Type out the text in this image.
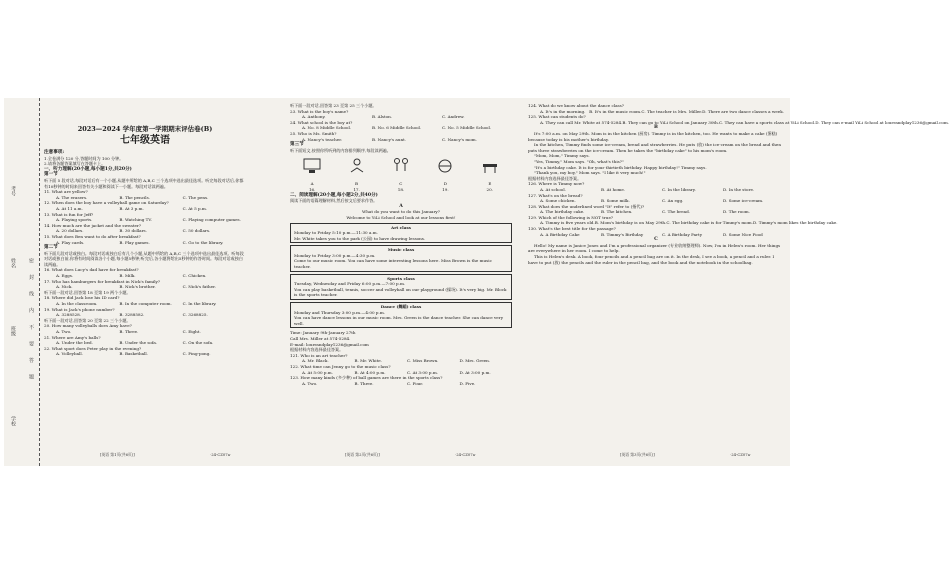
考号
姓名
班级
学校
密 封 线 内 不 要 答 题
2023—2024 学年度第一学期期末评估卷(B)
七年级英语
注意事项:
1.全卷满分 120 分,答题时间为 100 分钟。
2.请将各题答案填写在答题卡上。
一、听力理解(20小题,每小题1分,共20分)
第一节
听下面 5 段对话,每段对话后有一个小题,从题中所给的 A,B,C 三个选项中选出最佳选项。听完每段对话后,你都有10秒钟的时间来回答有关小题和阅读下一小题。每段对话读两遍。
11. What are yellow?
A. The erasers.	B. The pencils.	C. The pens.
12. When does the boy have a volleyball game on Saturday?
A. At 11 a.m.	B. At 3 p.m.	C. At 5 p.m.
13. What is fun for Jeff?
A. Playing sports.	B. Watching TV.	C. Playing computer games.
14. How much are the jacket and the sweater?
A. 20 dollars.	B. 30 dollars.	C. 50 dollars.
15. What does Ben want to do after breakfast?
A. Play cards.	B. Play games.	C. Go to the library.
第二节
听下面几段对话或独白。每段对话或独白后有几个小题,从题中所给的 A,B,C 三个选项中选出最佳选项。听每段对话或独白前,你将有时间阅读各个小题,每小题5秒钟;听完后,各小题将给出5秒钟的作答时间。每段对话或独白读两遍。
16. What does Lucy's dad have for breakfast?
A. Eggs.	B. Milk.	C. Chicken.
17. Who has hamburgers for breakfast in Nick's family?
A. Nick.	B. Nick's brother.	C. Nick's father.
听下面一段对话,回答第 18 至第 19 两个小题。
18. Where did Jack lose his ID card?
A. In the classroom.	B. In the computer room.	C. In the library.
19. What is Jack's phone number?
A. 3288528.	B. 3288582.	C. 3268825.
听下面一段对话,回答第 20 至第 22 三个小题。
20. How many volleyballs does Amy have?
A. Two.	B. Three.	C. Eight.
21. Where are Amy's balls?
A. Under the bed.	B. Under the sofa.	C. On the sofa.
22. What sport does Peter play in the evening?
A. Volleyball.	B. Basketball.	C. Ping-pong.
[英语 第1页(共6页)]	·24-CZ07a·
听下面一段对话,回答第 23 至第 25 三个小题。
23. What is the boy's name?
A. Anthony.	B. Alston.	C. Andrew.
24. What school is the boy at?
A. No. 8 Middle School.	B. No. 6 Middle School.	C. No. 5 Middle School.
25. Who is Ms. Smith?
A. Nancy's teacher.	B. Nancy's aunt.	C. Nancy's mom.
第三节
听下面短文,按照你所听到的内容排列顺序,每段读两遍。
A	B	C	D	E
16.	17.	18.	19.	20.
二、阅读理解(20小题,每小题2分,共40分)
阅读下面的语篇理解材料,然后按文后要求作答。
A
What do you want to do this January?
Welcome to YiLi School and look at our lessons first!
Art class
Monday to Friday 5:10 p.m.—11:30 a.m.
Mr. White takes you to the park (公园) to have drawing lessons.
Music class
Monday to Friday 3:00 p.m.—4:30 p.m.
Come to our music room. You can have some interesting lessons here. Miss Brown is the music teacher.
Sports class
Tuesday, Wednesday and Friday 6:00 p.m.—7:00 p.m.
You can play basketball, tennis, soccer and volleyball on our playground (操场). It's very big. Mr. Block is the sports teacher.
Dance (舞蹈) class
Monday and Thursday 3:00 p.m.—4:00 p.m.
You can have dance lessons in our music room. Mrs. Green is the dance teacher. She can dance very well.
Time: January 9th-January 27th
Call Mrs. Miller at 574-5284.
E-mail: lourrandplay1236@gmail.com
根据材料内容选择最佳答案。
121. Who is an art teacher?
A. Mr. Black.	B. Mr. White.	C. Miss Brown.	D. Mrs. Green.
122. What time can Jenny go to the music class?
A. At 5:00 p.m.	B. At 4:00 p.m.	C. At 3:00 p.m.	D. At 3:00 p.m.
123. How many kinds (多少种) of ball games are there in the sports class?
A. Two.	B. Three.	C. Four.	D. Five.
[英语 第2页(共6页)]	·24-CZ07a·
124. What do we know about the dance class?
A. It's in the morning. B. It's in the music room. C. The teacher is Mrs. Miller. D. There are two dance classes a week.
125. What can students do?
A. They can call Mr. White at 574-5284. B. They can go to YiLi School on January 30th. C. They can have a sports class at YiLi School. D. They can e-mail YiLi School at lourrandplay1236@gmail.com.
B
It's 7:00 a.m. on May 29th. Mom is in the kitchen (厨房). Timmy is in the kitchen, too. He wants to make a cake (蛋糕) because today is his mother's birthday.
In the kitchen, Timmy finds some ice-cream, bread and strawberries. He puts (放) the ice-cream on the bread and then puts three strawberries on the ice-cream. Then he takes the "birthday cake" to his mom's room.
"Mom, Mom," Timmy says.
"Yes, Timmy," Mom says. "Oh, what's this?"
"It's a birthday cake. It is for your thirtieth birthday. Happy birthday!" Timmy says.
"Thank you, my boy," Mom says. "I like it very much!"
根据材料内容选择最佳答案。
126. Where is Timmy now?
A. At school.	B. At home.	C. In the library.	D. In the store.
127. What's on the bread?
A. Some chicken.	B. Some milk.	C. An egg.	D. Some ice-cream.
128. What does the underlined word "It" refer to (指代)?
A. The birthday cake.	B. The kitchen.	C. The bread.	D. The room.
129. Which of the following is NOT true?
A. Timmy is five years old. B. Mom's birthday is on May 29th. C. The birthday cake is for Timmy's mom. D. Timmy's mom likes the birthday cake.
130. What's the best title for the passage?
A. A Birthday Cake	B. Timmy's Birthday	C. A Birthday Party	D. Some Nice Food
C
Hello! My name is Janice Jones and I'm a professional organizer (专业收纳整理师). Now, I'm in Helen's room. Her things are everywhere in her room. I come to help.
This is Helen's desk. A book, four pencils and a pencil bag are on it. In the desk, I see a book, a pencil and a ruler. I have to put (放) the pencils and the ruler in the pencil bag, and the book and the notebook in the schoolbag.
[英语 第3页(共6页)]	·24-CZ07a·
